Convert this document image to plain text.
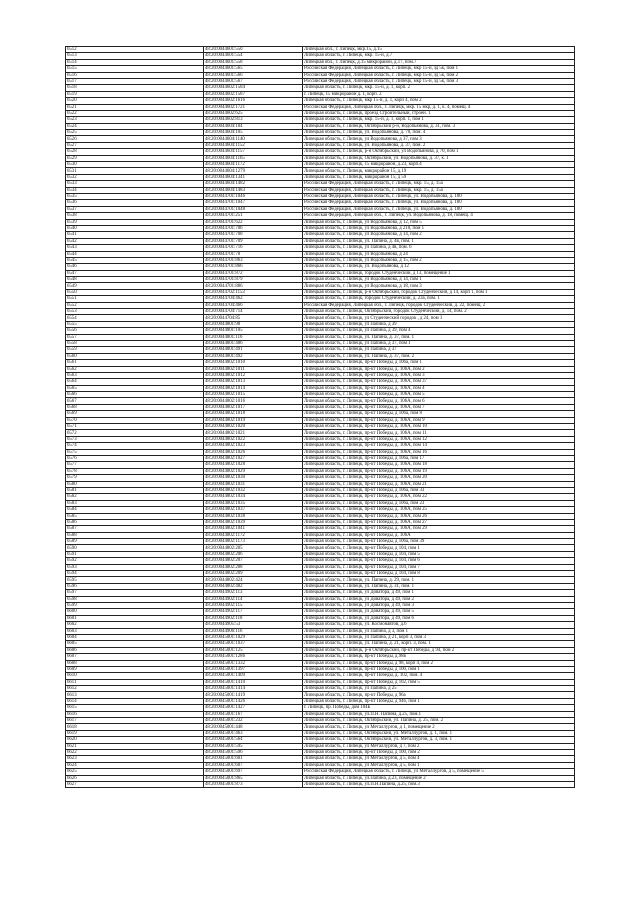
6512	48:20:0044601:550	Липецкая обл., г. Липецк, мкр.15, д.15
6513	48:20:0044601:554	Липецкая область, г. Липецк, мкр. 15-й, д.7
6514	48:20:0044601:558	Липецкая обл., г. Липецк, д.15 микрорайон, д.17, пом.7
6515	48:20:0044601:565	Российская Федерация, Липецкая область, г. Липецк, мкр 15-й, зд 5к, пом 1
6516	48:20:0044601:566	Российская Федерация, Липецкая область, г. Липецк, мкр 15-й, зд 5к, пом 2
6517	48:20:0044601:567	Российская Федерация, Липецкая область, г. Липецк, мкр 15-й, зд 5к, пом 3
6518	48:20:0044602:1584	Липецкая область, г. Липецк, мкр. 15-й, д. 1, корп. 2
6519	48:20:0044602:1587	г. Липецк, 15 микрорайон д. 1, корп. 2
6520	48:20:0044602:1616	Липецкая область, г. Липецк, мкр 15-й, д. 1, корп 4, пом 2
6521	48:20:0044602:1721	Российская Федерация, Липецкая обл., г. Липецк, мкр. 15 мкр, д. 1, к. 4, помещ. 4
6522	48:20:0044602:625	Липецкая область, г. Липецк, проезд Строительный, строен. 1
6523	48:20:0044602:813	Липецкая область, г. Липецк, мкр. 15-й, д. 1, корп. 1, пом 1
6524	48:20:0044604:104	Липецкая область, г. Липецк, Октябрьский р-н, Водопьянова, д. 31, пом. 3
6525	48:20:0044604:105	Липецкая область, г. Липецк, ул. Водопьянова, д. 70, пом. 4
6526	48:20:0044604:1140	Липецкая область, г. Липецк, ул Водопьянова, д 37, пом 3
6527	48:20:0044604:1152	Липецкая область, г. Липецк, ул. Водопьянова, д. 37, пом. 2
6528	48:20:0044604:1157	Липецкая область, г. Липецк, р-н Октябрьский, ул Водопьянова, д 70, пом 1
6529	48:20:0044604:1165	Липецкая область, г. Липецк, Октябрьский, ул. Водопьянова, д. 37, к. 1
6530	48:20:0044604:1172	Липецкая область, г. Липецк, 15 микрорайон, д.23, корп.4
6531	48:20:0044604:1279	Липецкая область, г. Липецк, микрорайон 15, д.19
6532	48:20:0044604:1341	Липецкая область, г. Липецк, микрорайон 15, д 59
6533	48:20:0044604:1482	Российская Федерация, Липецкая область, г. Липецк, мкр. 15, д. 15а
6534	48:20:0044604:1483	Российская Федерация, Липецкая область, г. Липецк, мкр. 15, д. 15а
6535	48:20:0044701:1046	Российская Федерация, Липецкая область, г. Липецк, ул. Водопьянова, д. 180
6536	48:20:0044701:1047	Российская Федерация, Липецкая область, г. Липецк, ул. Водопьянова, д. 180
6537	48:20:0044701:1048	Российская Федерация, Липецкая область, г. Липецк, ул. Водопьянова, д. 180
6538	48:20:0044701:251	Российская Федерация, Липецкая обл., г. Липецк, ул. Водопьянова, д. 18, помещ. 4
6539	48:20:0044701:622	Липецкая область, г. Липецк, ул Водопьянова, д 12, пом 5
6540	48:20:0044701:706	Липецкая область, г. Липецк, ул Водопьянова, д 210, пом 1
6541	48:20:0044701:708	Липецкая область, г. Липецк, ул Водопьянова, д 14, пом 2
6542	48:20:0044701:709	Липецкая область, г. Липецк, ул. Папина, д. 4в, пом. 1
6543	48:20:0044701:716	Липецкая область, г. Липецк, ул Папина, д 4в, пом. 6
6544	48:20:0044701:78	Липецкая область, г. Липецк, ул Водопьянова, д 24
6545	48:20:0044701:863	Липецкая область, г. Липецк, ул Водопьянова, д 15, пом 2
6546	48:20:0044701:866	Липецкая область, г. Липецк, ул. Водопьянова, д 12
6547	48:20:0044701:872	Липецкая область, г. Липецк, городок Студенческий, д 13, помещение 1
6548	48:20:0044701:879	Липецкая область, г. Липецк, ул Водопьянова, д 14, пом 1
6549	48:20:0044701:886	Липецкая область, г. Липецк, ул Водопьянова, д 18, пом 3
6550	48:20:0044702:1153	Липецкая область, г. Липецк, р-н Октябрьский, городок Студенческий, д 14, корп 1, пом 1
6551	48:20:0044704:462	Липецкая область, г. Липецк, городок Студенческий, д. 23а, пом. 1
6552	48:20:0044704:466	Российская Федерация, Липецкая обл., г. Липецк, городок Студенческий, д. 22, помещ. 2
6553	48:20:0044704:714	Липецкая область, г. Липецк, Октябрьский, городок Студенческий, д. 14, пом. 2
6554	48:20:0044704:85	Липецкая область, г. Липецк, ул Студенческий городок , д 24, пом 1
6555	48:20:0044801:98	Липецкая область, г. Липецк, ул Папина, д 39
6556	48:20:0044801:105	Липецкая область, г. Липецк, ул Папина, д 39, пом 4
6557	48:20:0044801:116	Липецкая область, г. Липецк, ул. Папина, д. 37, пом. 1
6558	48:20:0044801:486	Липецкая область, г. Липецк, ул Папина, д 37, пом 1
6559	48:20:0044801:491	Липецкая область, г. Липецк, ул Папина, д 37
6560	48:20:0044801:492	Липецкая область, г. Липецк, ул. Папина, д. 37, пом. 2
6561	48:20:0044802:1010	Липецкая область, г. Липецк, пр-кт Победы, д 106а, пом 1
6562	48:20:0044802:1011	Липецкая область, г. Липецк, пр-кт Победы, д. 106А, пом 2
6563	48:20:0044802:1012	Липецкая область, г. Липецк, пр-кт Победы, д. 106А, пом 3
6564	48:20:0044802:1013	Липецкая область, г. Липецк, пр-кт Победы, д. 106А, пом 37
6565	48:20:0044802:1014	Липецкая область, г. Липецк, пр-кт Победы, д. 106А, пом 4
6566	48:20:0044802:1015	Липецкая область, г. Липецк, пр-кт Победы, д. 106А, пом 5
6567	48:20:0044802:1016	Липецкая область, г. Липецк, пр-кт Победы, д. 106А, пом 6
6568	48:20:0044802:1017	Липецкая область, г. Липецк, пр-кт Победы, д. 106А, пом 7
6569	48:20:0044802:1018	Липецкая область, г. Липецк, пр-кт Победы, д 106а, пом 8
6570	48:20:0044802:1019	Липецкая область, г. Липецк, пр-кт Победы, д. 106А, пом 9
6571	48:20:0044802:1020	Липецкая область, г. Липецк, пр-кт Победы, д. 106А, пом 10
6572	48:20:0044802:1021	Липецкая область, г. Липецк, пр-кт Победы, д. 106А, пом 11
6573	48:20:0044802:1022	Липецкая область, г. Липецк, пр-кт Победы, д. 106А, пом 12
6574	48:20:0044802:1023	Липецкая область, г. Липецк, пр-кт Победы, д. 106А, пом 14
6575	48:20:0044802:1026	Липецкая область, г. Липецк, пр-кт Победы, д. 106А, пом 16
6576	48:20:0044802:1027	Липецкая область, г. Липецк, пр-кт Победы, д 106а, пом 17
6577	48:20:0044802:1028	Липецкая область, г. Липецк, пр-кт Победы, д. 106А, пом 18
6578	48:20:0044802:1029	Липецкая область, г. Липецк, пр-кт Победы, д. 106А, пом 19
6579	48:20:0044802:1030	Липецкая область, г. Липецк, пр-кт Победы, д. 106А, пом 20
6580	48:20:0044802:1031	Липецкая область, г. Липецк, пр-кт Победы, д. 106А, пом 21
6581	48:20:0044802:1032	Липецкая область, г. Липецк, пр-кт Победы, д 106а, пом 33
6582	48:20:0044802:1034	Липецкая область, г. Липецк, пр-кт Победы, д. 106А, пом 22
6583	48:20:0044802:1035	Липецкая область, г. Липецк, пр-кт Победы, д 106а, пом 23
6584	48:20:0044802:1037	Липецкая область, г. Липецк, пр-кт Победы, д. 106А, пом 25
6585	48:20:0044802:1038	Липецкая область, г. Липецк, пр-кт Победы, д. 106А, пом 26
6586	48:20:0044802:1039	Липецкая область, г. Липецк, пр-кт Победы, д. 106А, пом 27
6587	48:20:0044802:1041	Липецкая область, г. Липецк, пр-кт Победы, д. 106А, пом 29
6588	48:20:0044802:1172	Липецкая область, г. Липецк, пр-кт Победы, д. 106А
6589	48:20:0044802:1173	Липецкая область, г. Липецк, пр-кт Победы, д 106а, пом 39
6590	48:20:0044802:205	Липецкая область, г. Липецк, пр-кт Победы, д 104, пом 1
6591	48:20:0044802:206	Липецкая область, г. Липецк, пр-кт Победы, д 104, пом 5
6592	48:20:0044802:207	Липецкая область, г. Липецк, пр-кт Победы, д 104, пом 6
6593	48:20:0044802:208	Липецкая область, г. Липецк, пр-кт Победы, д 104, пом 7
6594	48:20:0044802:209	Липецкая область, г. Липецк, пр-кт Победы, д 104, пом 8
6595	48:20:0044802:424	Липецкая область, г. Липецк, ул. Папина, д. 29, пом. 1
6596	48:20:0044802:482	Липецкая область, г. Липецк, ул. Папина, д. 31, пом. 1
6597	48:20:0044902:113	Липецкая область, г. Липецк, ул Доватора, д 49, пом 1
6598	48:20:0044902:114	Липецкая область, г. Липецк, ул Доватора, д 49, пом 2
6599	48:20:0044902:115	Липецкая область, г. Липецк, ул Доватора, д 49, пом 3
6600	48:20:0044902:117	Липецкая область, г. Липецк, ул Доватора, д 49, пом 5
6601	48:20:0044902:118	Липецкая область, г. Липецк, ул Доватора, д 49, пом 6
6602	48:20:0044905:53	Липецкая область, г. Липецк, ул. Космонавтов, д.6
6603	48:20:0044906:116	Липецкая область, г. Липецк, ул Папина, д 3, пом 1
6604	48:20:0045001:1029	Липецкая область, г. Липецк, ул Папина, д 21, корп 3, пом 3
6605	48:20:0045001:1037	Липецкая область, г. Липецк, ул. Папина, д. 21, корп. 3, пом. 1
6606	48:20:0045001:125	Липецкая область, г. Липецк, р-н Октябрьский, пр-кт Победы, д 94, пом 2
6607	48:20:0045001:1286	Липецкая область, г. Липецк, пр-кт Победы, д.98в
6608	48:20:0045001:1332	Липецкая область, г. Липецк, пр-кт Победы, д 98, корп 4, пом 2
6609	48:20:0045001:1397	Липецкая область, г. Липецк, пр-кт Победы, д 100, пом 1
6610	48:20:0045001:1409	Липецкая область, г. Липецк, пр-кт Победы, д. 102, пом. 4
6611	48:20:0045001:1410	Липецкая область, г. Липецк, пр-кт Победы, д 102, пом 5
6612	48:20:0045001:1414	Липецкая область, г. Липецк, ул Папина, д 25
6613	48:20:0045001:1419	Липецкая область, г. Липецк, пр-кт Победы, д 96а
6614	48:20:0045001:1426	Липецкая область, г. Липецк, пр-кт Победы, д 94б, пом 1
6615	48:20:0045001:1427	г. Липецк, пр. Победы, дом 104Б
6616	48:20:0045001:167	Липецкая область, г. Липецк, ул.П.Н. Папина, д.25, пом.1
6617	48:20:0045001:232	Липецкая область, г. Липецк, Октябрьский, ул. Папина, д. 25, пом. 2
6618	48:20:0045001:448	Липецкая область, г. Липецк, ул Металлургов, д 1, помещение 2
6619	48:20:0045001:463	Липецкая область, г. Липецк, Октябрьский, ул. Металлургов, д. 1, пом. 1
6620	48:20:0045001:564	Липецкая область, г. Липецк, Октябрьский, ул. Металлургов, д. 3, пом. 1
6621	48:20:0045001:595	Липецкая область, г. Липецк, ул Металлургов, д 7, пом 2
6622	48:20:0045001:596	Липецкая область, г. Липецк, пр-кт Победы, д 100, пом 2
6623	48:20:0045001:601	Липецкая область, г. Липецк, ул Металлургов, д 5, пом 4
6624	48:20:0045001:607	Липецкая область, г. Липецк, ул Металлургов, д 5, пом 1
6625	48:20:0045001:697	Российская Федерация, Липецкая область, г. Липецк, ул Металлургов, д 5, помещение 5
6626	48:20:0045001:865	Липецкая область, г. Липецк, ул.Папина, д.23, помещение 2
6627	48:20:0045001:873	Липецкая область, г. Липецк, ул.П.Н.Папина, д.25, пом.3
